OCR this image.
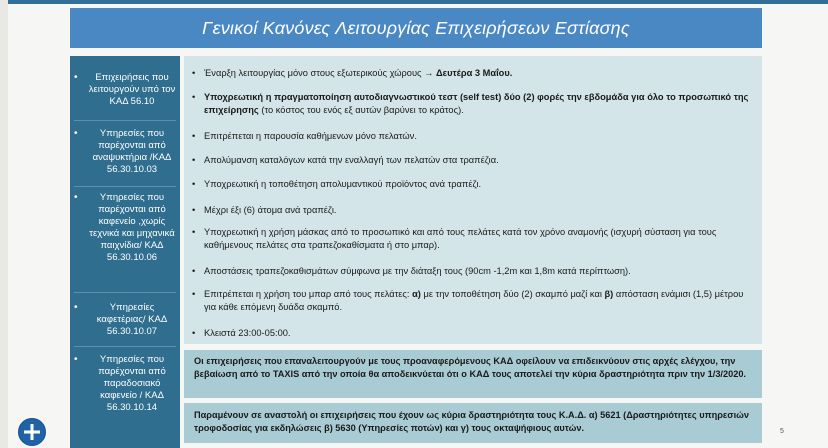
Γενικοί Κανόνες Λειτουργίας Επιχειρήσεων Εστίασης
•	Επιχειρήσεις που λειτουργούν υπό τον ΚΑΔ 56.10
•	Υπηρεσίες που παρέχονται από αναψυκτήρια /ΚΑΔ 56.30.10.03
•	Υπηρεσίες που παρέχονται από καφενείο ,χωρίς τεχνικά και μηχανικά παιχνίδια/ ΚΑΔ 56.30.10.06
•	Υπηρεσίες καφετέριας/ ΚΑΔ 56.30.10.07
•	Υπηρεσίες που παρέχονται από παραδοσιακό καφενείο / ΚΑΔ 56.30.10.14
• Έναρξη λειτουργίας μόνο στους εξωτερικούς χώρους → Δευτέρα 3 Μαΐου.
• Υποχρεωτική η πραγματοποίηση αυτοδιαγνωστικού τεστ (self test) δύο (2) φορές την εβδομάδα για όλο το προσωπικό της επιχείρησης (το κόστος του ενός εξ αυτών βαρύνει το κράτος).
• Επιτρέπεται η παρουσία καθήμενων μόνο πελατών.
• Απολύμανση καταλόγων κατά την εναλλαγή των πελατών στα τραπέζια.
• Υποχρεωτική η τοποθέτηση απολυμαντικού προϊόντος ανά τραπέζι.
• Μέχρι έξι (6) άτομα ανά τραπέζι.
• Υποχρεωτική η χρήση μάσκας από το προσωπικό και από τους πελάτες κατά τον χρόνο αναμονής (ισχυρή σύσταση για τους καθήμενους πελάτες στα τραπεζοκαθίσματα ή στο μπαρ).
• Αποστάσεις τραπεζοκαθισμάτων σύμφωνα με την διάταξη τους (90cm -1,2m και 1,8m κατά περίπτωση).
• Επιτρέπεται η χρήση του μπαρ από τους πελάτες: α) με την τοποθέτηση δύο (2) σκαμπό μαζί και β) απόσταση ενάμισι (1,5) μέτρου για κάθε επόμενη δυάδα σκαμπό.
• Κλειστά 23:00-05:00.
Οι επιχειρήσεις που επαναλειτουργούν με τους προαναφερόμενους ΚΑΔ οφείλουν να επιδεικνύουν στις αρχές ελέγχου, την βεβαίωση από το TAXIS από την οποία θα αποδεικνύεται ότι ο ΚΑΔ τους αποτελεί την κύρια δραστηριότητα πριν την 1/3/2020.
Παραμένουν σε αναστολή οι επιχειρήσεις που έχουν ως κύρια δραστηριότητα τους Κ.Α.Δ. α) 5621 (Δραστηριότητες υπηρεσιών τροφοδοσίας για εκδηλώσεις β) 5630 (Υπηρεσίες ποτών) και γ) τους οκταψήφιους αυτών.	5
